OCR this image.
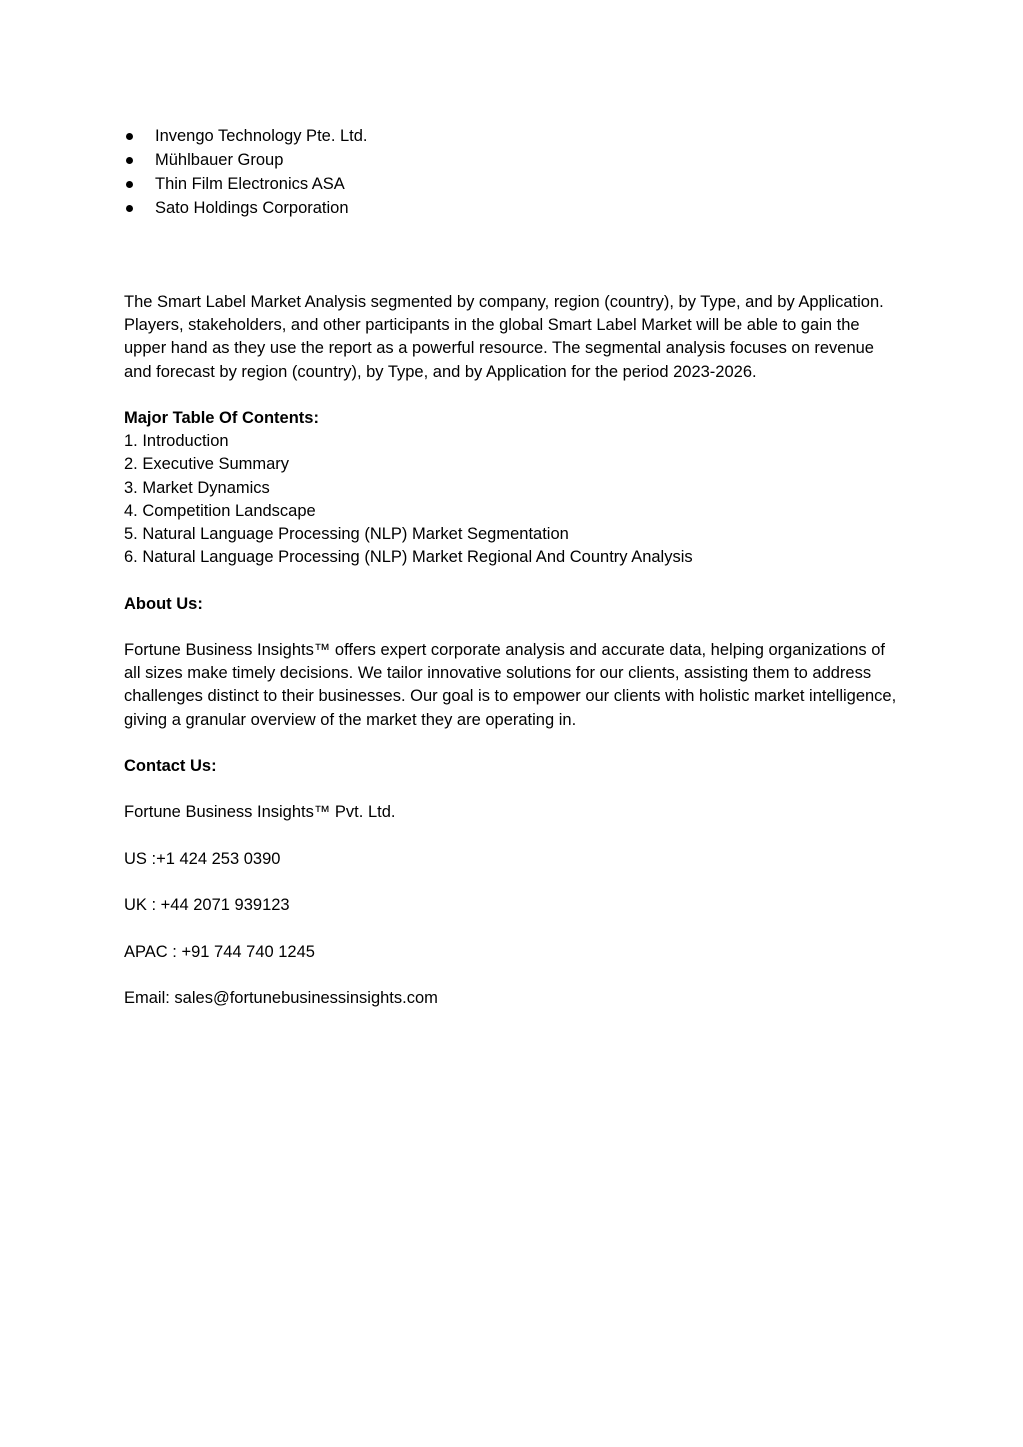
Invengo Technology Pte. Ltd.
Mühlbauer Group
Thin Film Electronics ASA
Sato Holdings Corporation

The Smart Label Market Analysis segmented by company, region (country), by Type, and by Application. Players, stakeholders, and other participants in the global Smart Label Market will be able to gain the upper hand as they use the report as a powerful resource. The segmental analysis focuses on revenue and forecast by region (country), by Type, and by Application for the period 2023-2026.

Major Table Of Contents:

1. Introduction
2. Executive Summary
3. Market Dynamics
4. Competition Landscape
5. Natural Language Processing (NLP) Market Segmentation
6. Natural Language Processing (NLP) Market Regional And Country Analysis

About Us:

Fortune Business Insights™ offers expert corporate analysis and accurate data, helping organizations of all sizes make timely decisions. We tailor innovative solutions for our clients, assisting them to address challenges distinct to their businesses. Our goal is to empower our clients with holistic market intelligence, giving a granular overview of the market they are operating in.

Contact Us:

Fortune Business Insights™ Pvt. Ltd.

US :+1 424 253 0390

UK : +44 2071 939123

APAC : +91 744 740 1245

Email: sales@fortunebusinessinsights.com
